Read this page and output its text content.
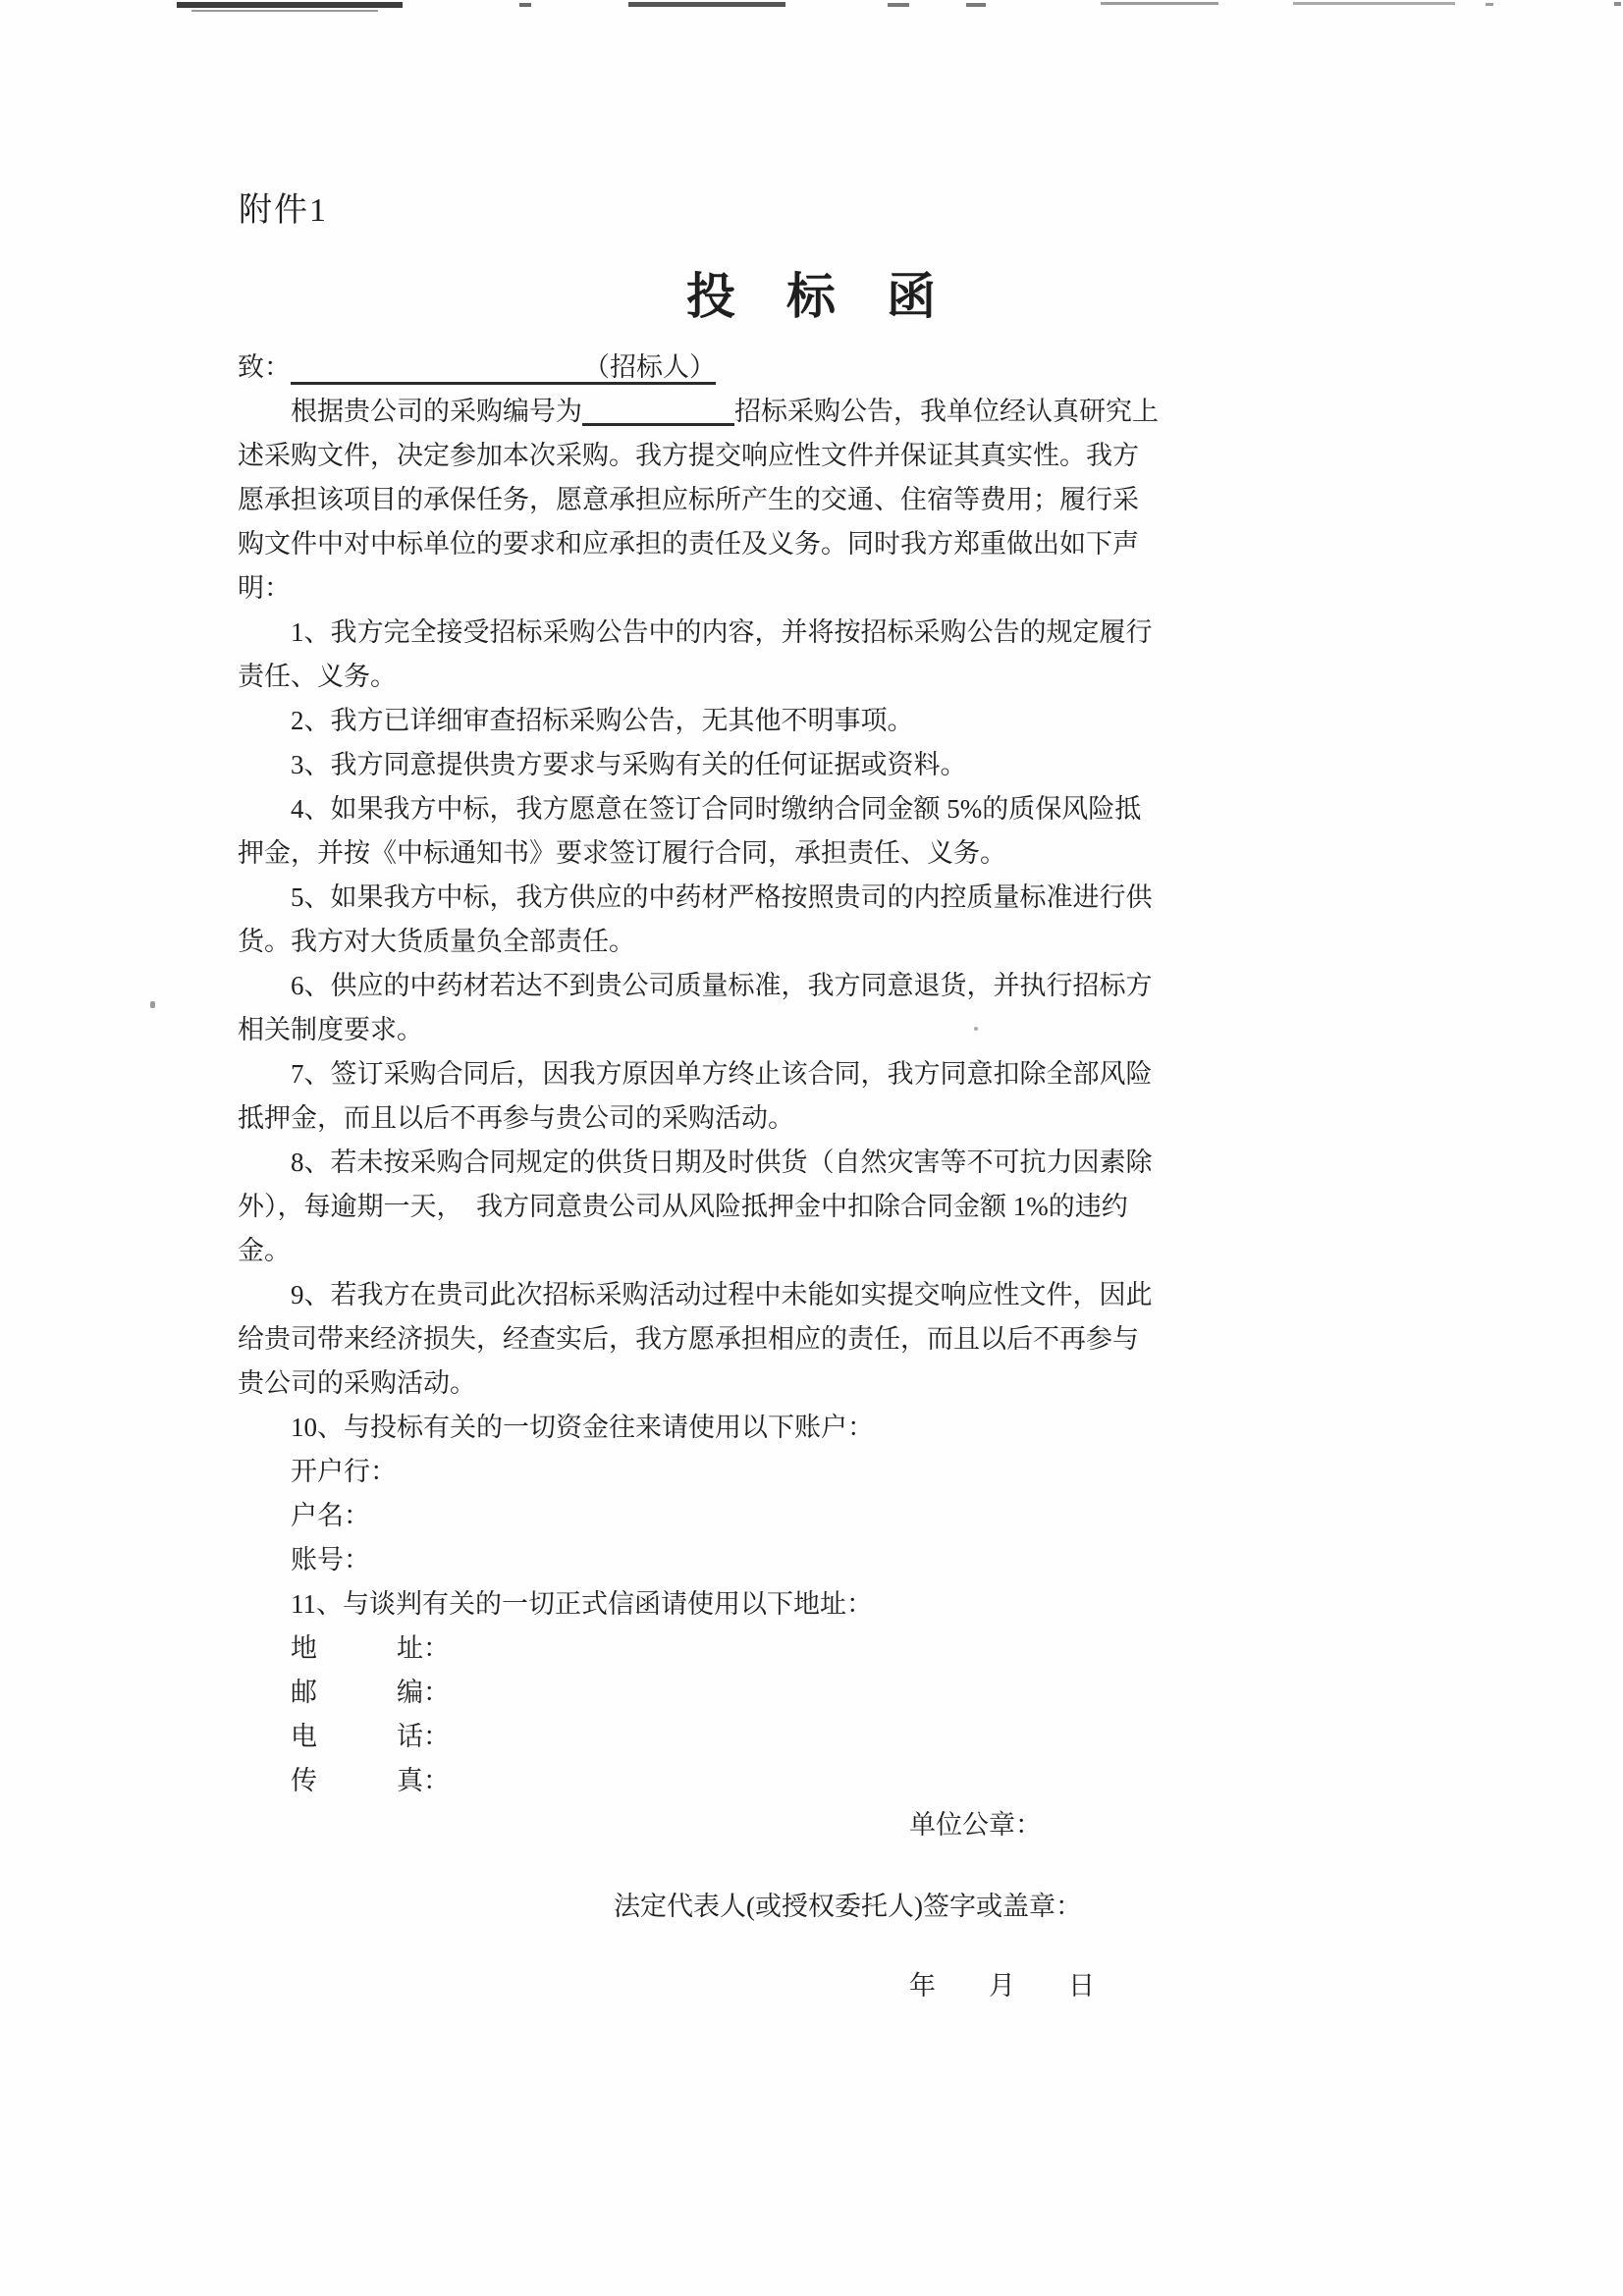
附件1
投　标　函
致：	（招标人）
根据贵公司的采购编号为	招标采购公告，我单位经认真研究上
述采购文件，决定参加本次采购。我方提交响应性文件并保证其真实性。我方
愿承担该项目的承保任务，愿意承担应标所产生的交通、住宿等费用；履行采
购文件中对中标单位的要求和应承担的责任及义务。同时我方郑重做出如下声
明：
1、我方完全接受招标采购公告中的内容，并将按招标采购公告的规定履行
责任、义务。
2、我方已详细审查招标采购公告，无其他不明事项。
3、我方同意提供贵方要求与采购有关的任何证据或资料。
4、如果我方中标，我方愿意在签订合同时缴纳合同金额 5%的质保风险抵
押金，并按《中标通知书》要求签订履行合同，承担责任、义务。
5、如果我方中标，我方供应的中药材严格按照贵司的内控质量标准进行供
货。我方对大货质量负全部责任。
6、供应的中药材若达不到贵公司质量标准，我方同意退货，并执行招标方
相关制度要求。
7、签订采购合同后，因我方原因单方终止该合同，我方同意扣除全部风险
抵押金，而且以后不再参与贵公司的采购活动。
8、若未按采购合同规定的供货日期及时供货（自然灾害等不可抗力因素除
外），每逾期一天，　我方同意贵公司从风险抵押金中扣除合同金额 1%的违约
金。
9、若我方在贵司此次招标采购活动过程中未能如实提交响应性文件，因此
给贵司带来经济损失，经查实后，我方愿承担相应的责任，而且以后不再参与
贵公司的采购活动。
10、与投标有关的一切资金往来请使用以下账户：
开户行：
户名：
账号：
11、与谈判有关的一切正式信函请使用以下地址：
地　　　址：
邮　　　编：
电　　　话：
传　　　真：
单位公章：
法定代表人(或授权委托人)签字或盖章：
年　　月　　日
